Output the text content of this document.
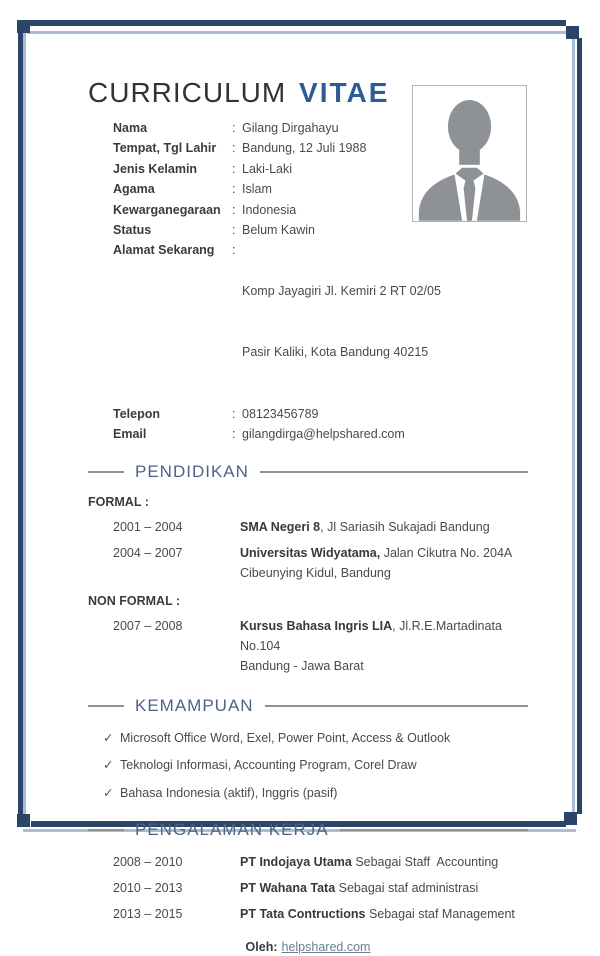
CURRICULUM VITAE
Nama	: Gilang Dirgahayu
Tempat, Tgl Lahir	: Bandung, 12 Juli 1988
Jenis Kelamin	: Laki-Laki
Agama	: Islam
Kewarganegaraan : Indonesia
Status	: Belum Kawin
Alamat Sekarang	:

Komp Jayagiri Jl. Kemiri 2 RT 02/05

Pasir Kaliki, Kota Bandung 40215

Telepon	: 08123456789
Email	: gilangdirga@helpshared.com
PENDIDIKAN
FORMAL :
2001 – 2004	SMA Negeri 8, Jl Sariasih Sukajadi Bandung
2004 – 2007	Universitas Widyatama, Jalan Cikutra No. 204A
Cibeunying Kidul, Bandung
NON FORMAL :
2007 – 2008	Kursus Bahasa Ingris LIA, Jl.R.E.Martadinata No.104
Bandung - Jawa Barat
KEMAMPUAN
✓ Microsoft Office Word, Exel, Power Point, Access & Outlook
✓ Teknologi Informasi, Accounting Program, Corel Draw
✓ Bahasa Indonesia (aktif), Inggris (pasif)
PENGALAMAN KERJA
2008 – 2010	PT Indojaya Utama Sebagai Staff  Accounting
2010 – 2013	PT Wahana Tata Sebagai staf administrasi
2013 – 2015	PT Tata Contructions Sebagai staf Management
Oleh: helpshared.com
